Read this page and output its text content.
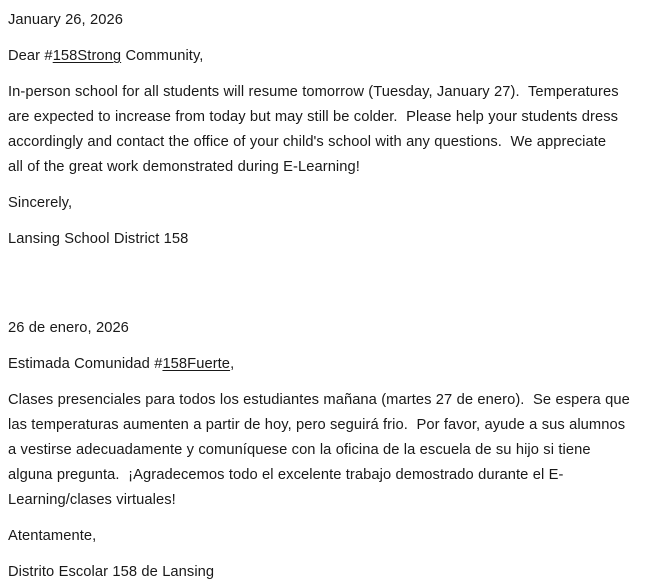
January 26, 2026

Dear #158Strong Community,

In-person school for all students will resume tomorrow (Tuesday, January 27).  Temperatures are expected to increase from today but may still be colder.  Please help your students dress accordingly and contact the office of your child's school with any questions.  We appreciate all of the great work demonstrated during E-Learning!

Sincerely,

Lansing School District 158

26 de enero, 2026

Estimada Comunidad #158Fuerte,

Clases presenciales para todos los estudiantes mañana (martes 27 de enero).  Se espera que las temperaturas aumenten a partir de hoy, pero seguirá frio.  Por favor, ayude a sus alumnos a vestirse adecuadamente y comuníquese con la oficina de la escuela de su hijo si tiene alguna pregunta.  ¡Agradecemos todo el excelente trabajo demostrado durante el E-Learning/clases virtuales!

Atentamente,

Distrito Escolar 158 de Lansing
